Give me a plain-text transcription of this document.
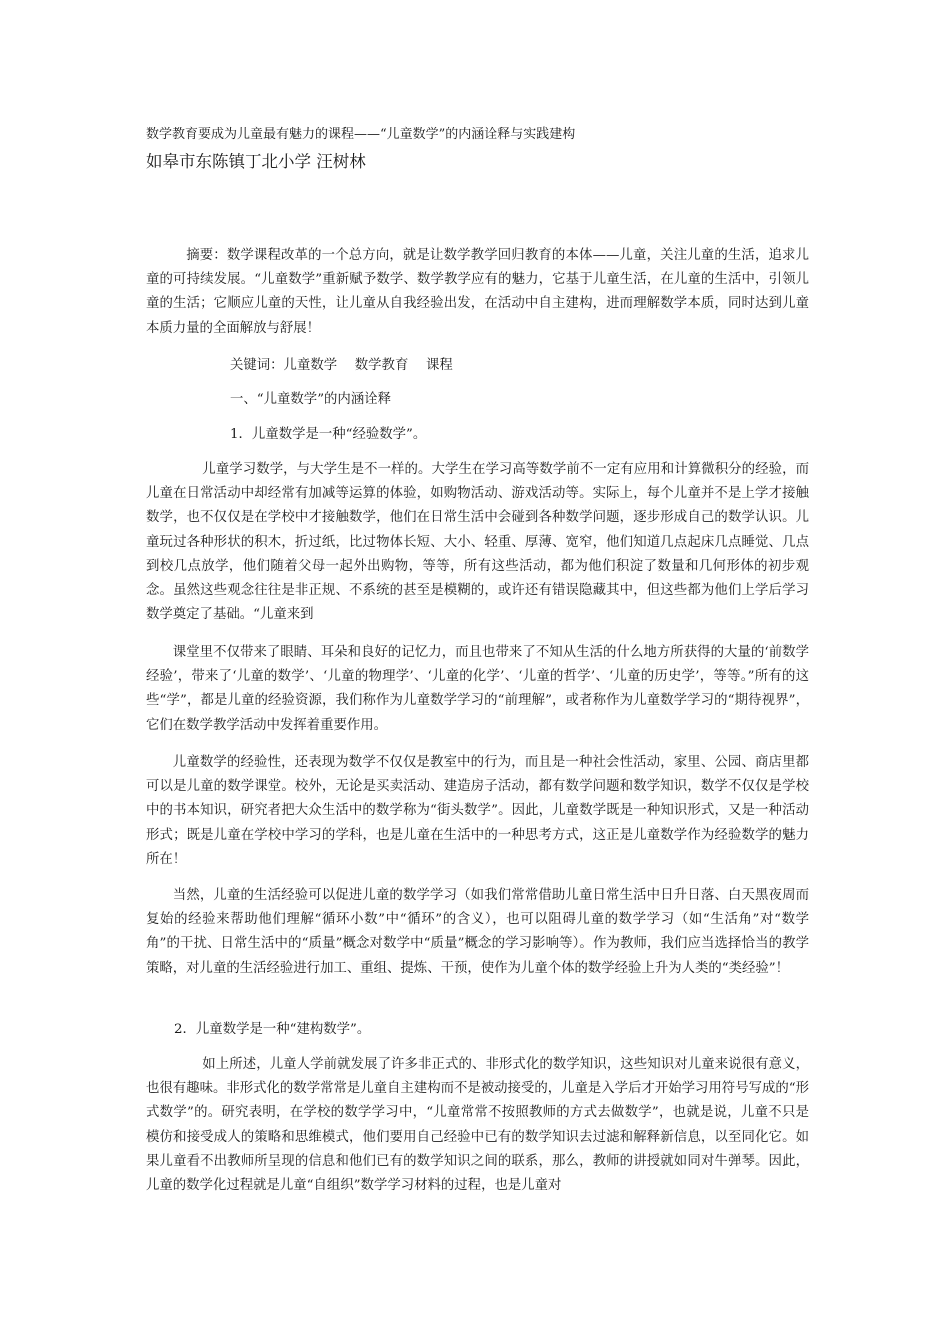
数学教育要成为儿童最有魅力的课程——“儿童数学”的内涵诠释与实践建构
如皋市东陈镇丁北小学 汪树林

摘要：数学课程改革的一个总方向，就是让数学教学回归教育的本体——儿童，关注儿童的生活，追求儿童的可持续发展。“儿童数学”重新赋予数学、数学教学应有的魅力，它基于儿童生活，在儿童的生活中，引领儿童的生活；它顺应儿童的天性，让儿童从自我经验出发，在活动中自主建构，进而理解数学本质，同时达到儿童本质力量的全面解放与舒展！

关键词：儿童数学　 数学教育　 课程

一、“儿童数学”的内涵诠释

1．儿童数学是一种“经验数学”。

儿童学习数学，与大学生是不一样的。大学生在学习高等数学前不一定有应用和计算微积分的经验，而儿童在日常活动中却经常有加减等运算的体验，如购物活动、游戏活动等。实际上，每个儿童并不是上学才接触数学，也不仅仅是在学校中才接触数学，他们在日常生活中会碰到各种数学问题，逐步形成自己的数学认识。儿童玩过各种形状的积木，折过纸，比过物体长短、大小、轻重、厚薄、宽窄，他们知道几点起床几点睡觉、几点到校几点放学，他们随着父母一起外出购物，等等，所有这些活动，都为他们积淀了数量和几何形体的初步观念。虽然这些观念往往是非正规、不系统的甚至是模糊的，或许还有错误隐藏其中，但这些都为他们上学后学习数学奠定了基础。“儿童来到

课堂里不仅带来了眼睛、耳朵和良好的记忆力，而且也带来了不知从生活的什么地方所获得的大量的‘前数学经验’，带来了‘儿童的数学’、‘儿童的物理学’、‘儿童的化学’、‘儿童的哲学’、‘儿童的历史学’，等等。”所有的这些“学”，都是儿童的经验资源，我们称作为儿童数学学习的“前理解”，或者称作为儿童数学学习的“期待视界”，它们在数学教学活动中发挥着重要作用。

儿童数学的经验性，还表现为数学不仅仅是教室中的行为，而且是一种社会性活动，家里、公园、商店里都可以是儿童的数学课堂。校外，无论是买卖活动、建造房子活动，都有数学问题和数学知识，数学不仅仅是学校中的书本知识，研究者把大众生活中的数学称为“街头数学”。因此，儿童数学既是一种知识形式，又是一种活动形式；既是儿童在学校中学习的学科，也是儿童在生活中的一种思考方式，这正是儿童数学作为经验数学的魅力所在！

当然，儿童的生活经验可以促进儿童的数学学习（如我们常常借助儿童日常生活中日升日落、白天黑夜周而复始的经验来帮助他们理解“循环小数”中“循环”的含义），也可以阻碍儿童的数学学习（如“生活角”对“数学角”的干扰、日常生活中的“质量”概念对数学中“质量”概念的学习影响等）。作为教师，我们应当选择恰当的教学策略，对儿童的生活经验进行加工、重组、提炼、干预，使作为儿童个体的数学经验上升为人类的“类经验”！

2．儿童数学是一种“建构数学”。

如上所述，儿童人学前就发展了许多非正式的、非形式化的数学知识，这些知识对儿童来说很有意义，也很有趣味。非形式化的数学常常是儿童自主建构而不是被动接受的，儿童是入学后才开始学习用符号写成的“形式数学”的。研究表明，在学校的数学学习中，“儿童常常不按照教师的方式去做数学”，也就是说，儿童不只是模仿和接受成人的策略和思维模式，他们要用自己经验中已有的数学知识去过滤和解释新信息，以至同化它。如果儿童看不出教师所呈现的信息和他们已有的数学知识之间的联系，那么，教师的讲授就如同对牛弹琴。因此，儿童的数学化过程就是儿童“自组织”数学学习材料的过程，也是儿童对
